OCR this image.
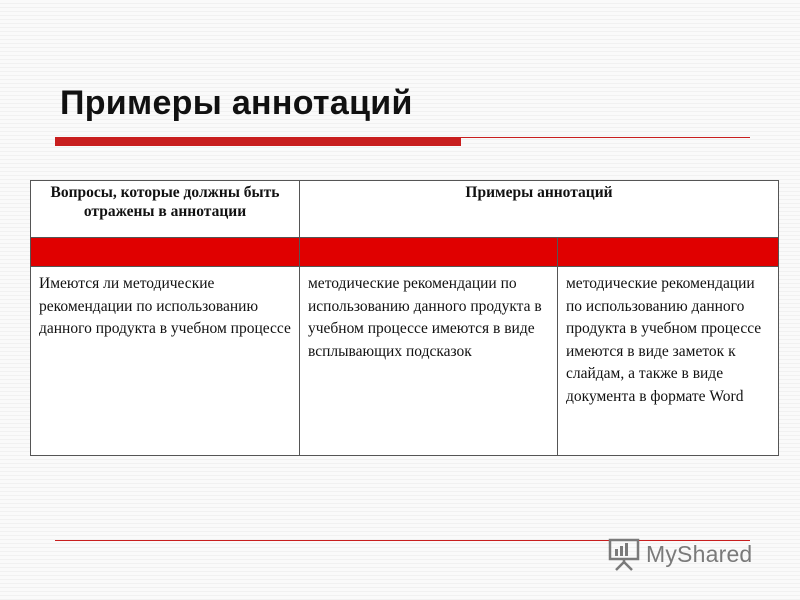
Примеры аннотаций
Вопросы, которые должны быть отражены в аннотации	Примеры аннотаций	

Имеются ли методические рекомендации по использованию данного продукта в учебном процессе	методические рекомендации по использованию данного продукта в учебном процессе имеются в виде всплывающих подсказок	методические рекомендации по использованию данного продукта в учебном процессе имеются в виде заметок к слайдам, а также в виде документа в формате Word
MyShared
